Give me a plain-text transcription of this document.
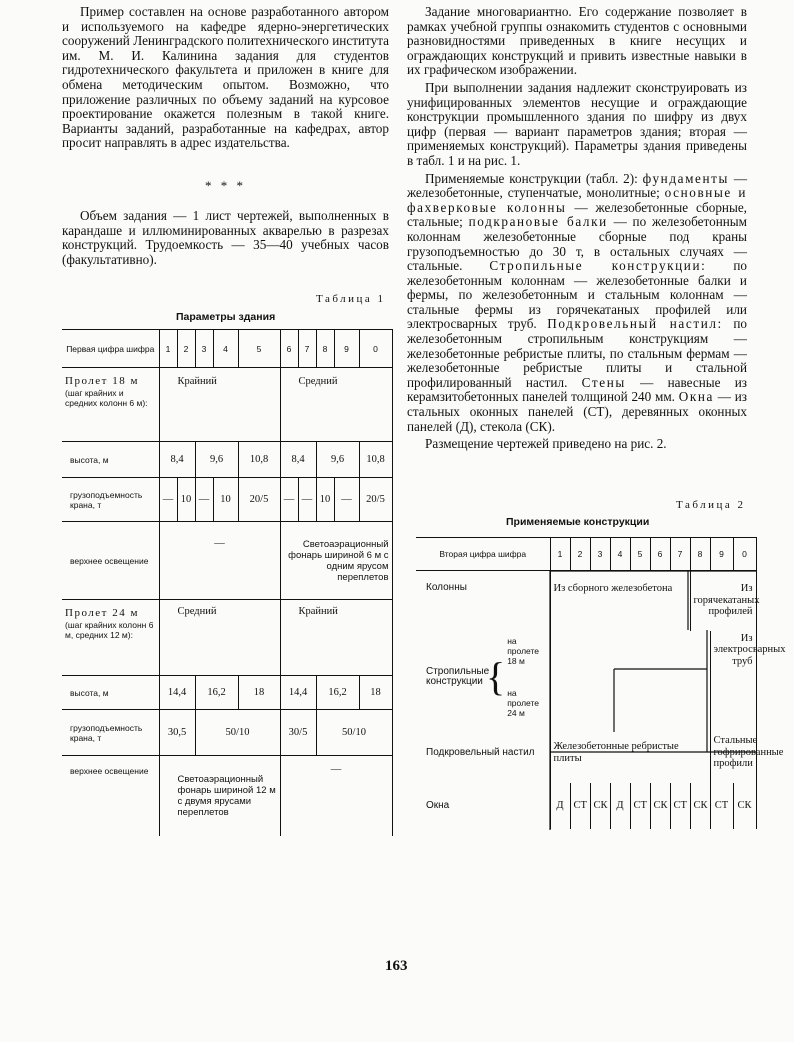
Пример составлен на основе разработанного автором и используемого на кафедре ядерно-энергетических сооружений Ленинградского политехнического института им. М. И. Калинина задания для студентов гидротехнического факультета и приложен в книге для обмена методическим опытом. Возможно, что приложение различных по объему заданий на курсовое проектирование окажется полезным в такой книге. Варианты заданий, разработанные на кафедрах, автор просит направлять в адрес издательства.

* * *

Объем задания — 1 лист чертежей, выполненных в карандаше и иллюминированных акварелью в разрезах конструкций. Трудоемкость — 35—40 учебных часов (факультативно).

Задание многовариантно. Его содержание позволяет в рамках учебной группы ознакомить студентов с основными разновидностями приведенных в книге несущих и ограждающих конструкций и привить известные навыки в их графическом изображении.

При выполнении задания надлежит сконструировать из унифицированных элементов несущие и ограждающие конструкции промышленного здания по шифру из двух цифр (первая — вариант параметров здания; вторая — применяемых конструкций). Параметры здания приведены в табл. 1 и на рис. 1.

Применяемые конструкции (табл. 2): фундаменты — железобетонные, ступенчатые, монолитные; основные и фахверковые колонны — железобетонные сборные, стальные; подкрановые балки — по железобетонным колоннам железобетонные сборные под краны грузоподъемностью до 30 т, в остальных случаях — стальные. Стропильные конструкции: по железобетонным колоннам — железобетонные балки и фермы, по железобетонным и стальным колоннам — стальные фермы из горячекатаных профилей или электросварных труб. Подкровельный настил: по железобетонным стропильным конструкциям — железобетонные ребристые плиты, по стальным фермам — железобетонные ребристые плиты и стальной профилированный настил. Стены — навесные из керамзитобетонных панелей толщиной 240 мм. Окна — из стальных оконных панелей (СТ), деревянных оконных панелей (Д), стекола (СК).

Размещение чертежей приведено на рис. 2.

Таблица 1
Параметры здания
Первая цифра шифра	1	2	3	4	5	6	7	8	9	0

Пролет 18 м
(шаг крайних и средних колонн 6 м):	Крайний					Средний				
высота, м	8,4		9,6		10,8	8,4		9,6		10,8
грузоподъемность крана, т	—	10	—	10	20/5	—	—	10	—	20/5
верхнее освещение	—					Светоаэрационный фонарь шириной 6 м с одним ярусом переплетов				

Пролет 24 м
(шаг крайних колонн 6 м, средних 12 м):	Средний					Крайний				
высота, м	14,4		16,2		18	14,4		16,2		18
грузоподъемность крана, т	30,5		50/10			30/5		50/10		
верхнее освещение	Светоаэрационный фонарь шириной 12 м с двумя ярусами переплетов					—				
Таблица 2
Применяемые конструкции
Вторая цифра шифра	1	2	3	4	5	6	7	8	9	0
Колонны	Из сборного железобетона							Из горячекатаных профилей		

Стропильные конструкции {
на пролете 18 м
на пролете 24 м									Из электросварных труб	
Подкровельный настил	Железобетонные ребристые плиты								Стальные гофрированные профили	
Окна	Д	СТ	СК	Д	СТ	СК	СТ	СК	СТ	СК
163
